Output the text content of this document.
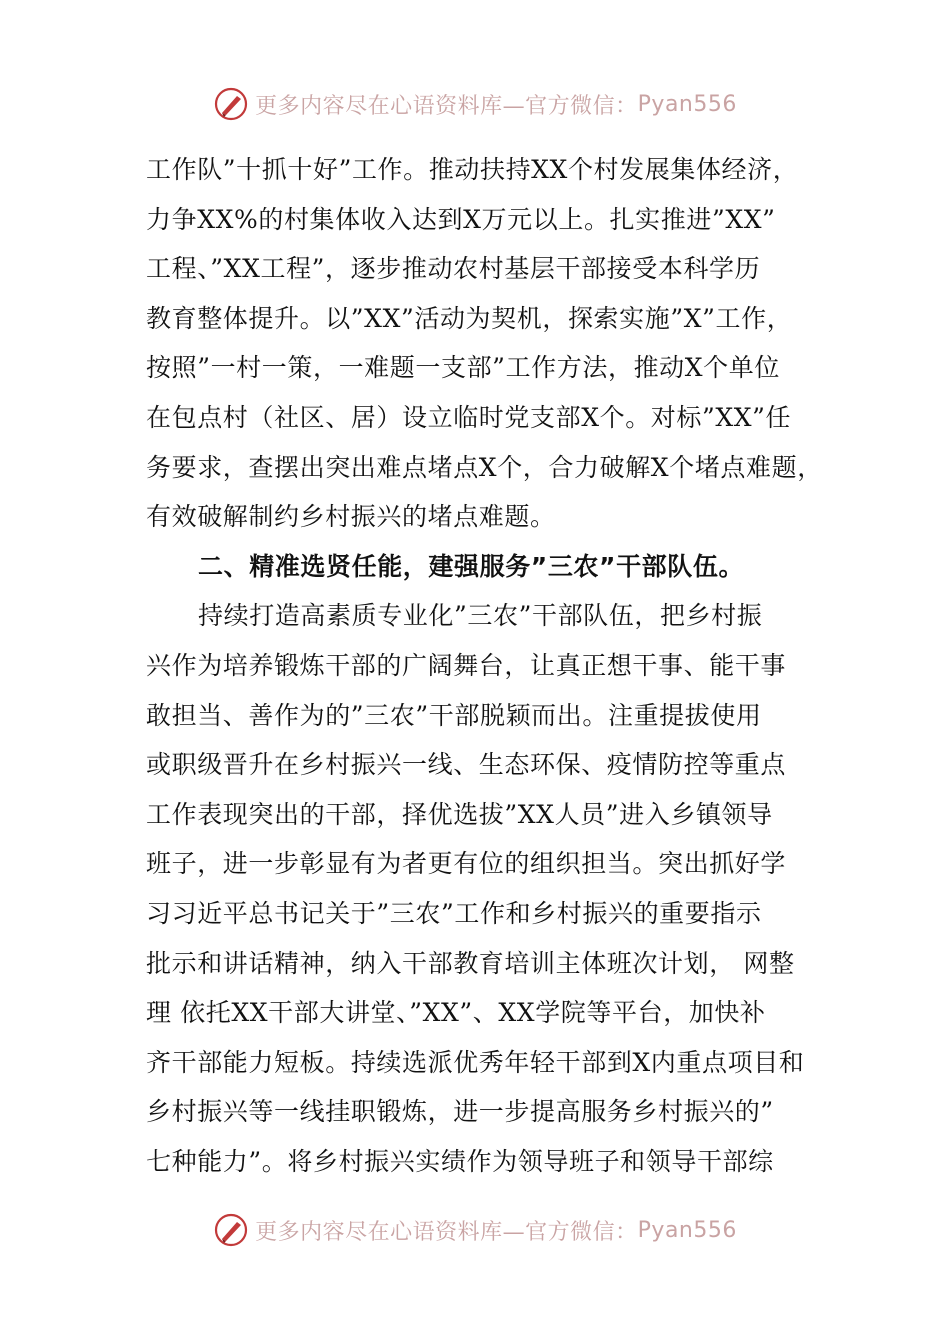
更多内容尽在心语资料库—官方微信： Pyan556
工作队”十抓十好”工作。推动扶持XX个村发展集体经济，
力争XX%的村集体收入达到X万元以上。扎实推进”XX”
工程、”XX工程”，逐步推动农村基层干部接受本科学历
教育整体提升。以”XX”活动为契机，探索实施”X”工作，
按照”一村一策，一难题一支部”工作方法，推动X个单位
在包点村（社区、居）设立临时党支部X个。对标”XX”任
务要求，查摆出突出难点堵点X个，合力破解X个堵点难题，
有效破解制约乡村振兴的堵点难题。
二、精准选贤任能，建强服务”三农”干部队伍。
持续打造高素质专业化”三农”干部队伍，把乡村振
兴作为培养锻炼干部的广阔舞台，让真正想干事、能干事
敢担当、善作为的”三农”干部脱颖而出。注重提拔使用
或职级晋升在乡村振兴一线、生态环保、疫情防控等重点
工作表现突出的干部，择优选拔”XX人员”进入乡镇领导
班子，进一步彰显有为者更有位的组织担当。突出抓好学
习习近平总书记关于”三农”工作和乡村振兴的重要指示
批示和讲话精神，纳入干部教育培训主体班次计划， 网整
理 依托XX干部大讲堂、”XX”、XX学院等平台，加快补
齐干部能力短板。持续选派优秀年轻干部到X内重点项目和
乡村振兴等一线挂职锻炼，进一步提高服务乡村振兴的”
七种能力”。将乡村振兴实绩作为领导班子和领导干部综
更多内容尽在心语资料库—官方微信： Pyan556
